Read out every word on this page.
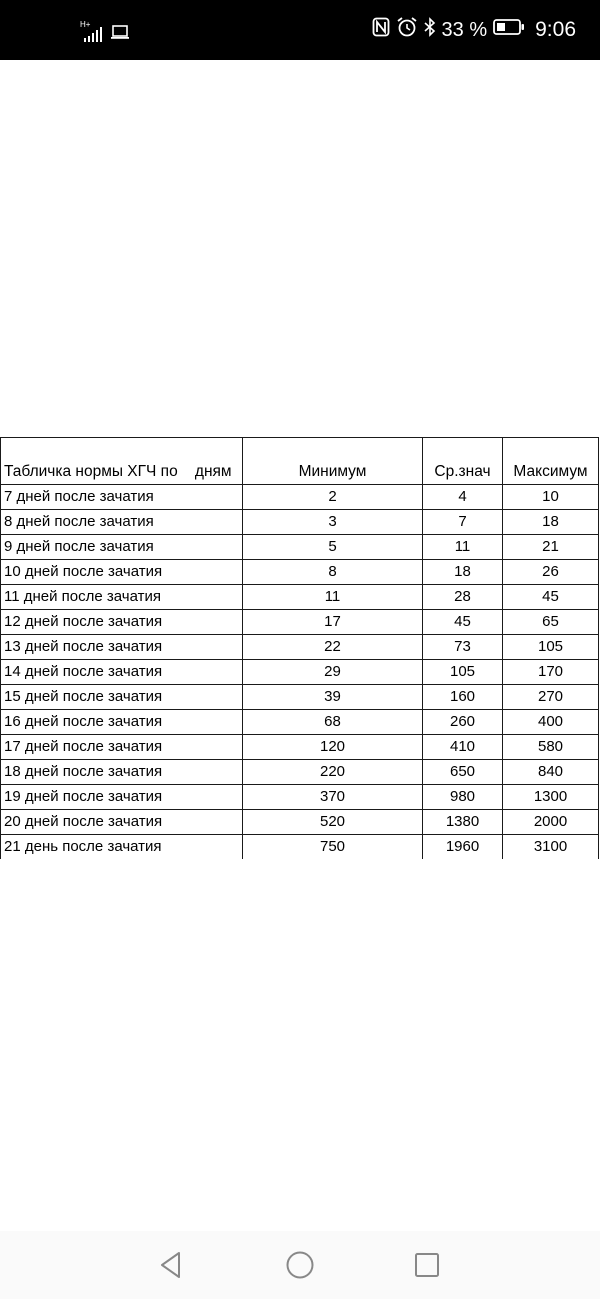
H+	33 % 9:06
Табличка нормы ХГЧ по    дням	Минимум	Ср.знач	Максимум
7 дней после зачатия	2	4	10
8 дней после зачатия	3	7	18
9 дней после зачатия	5	11	21
10 дней после зачатия	8	18	26
11 дней после зачатия	11	28	45
12 дней после зачатия	17	45	65
13 дней после зачатия	22	73	105
14 дней после зачатия	29	105	170
15 дней после зачатия	39	160	270
16 дней после зачатия	68	260	400
17 дней после зачатия	120	410	580
18 дней после зачатия	220	650	840
19 дней после зачатия	370	980	1300
20 дней после зачатия	520	1380	2000
21 день после зачатия	750	1960	3100
